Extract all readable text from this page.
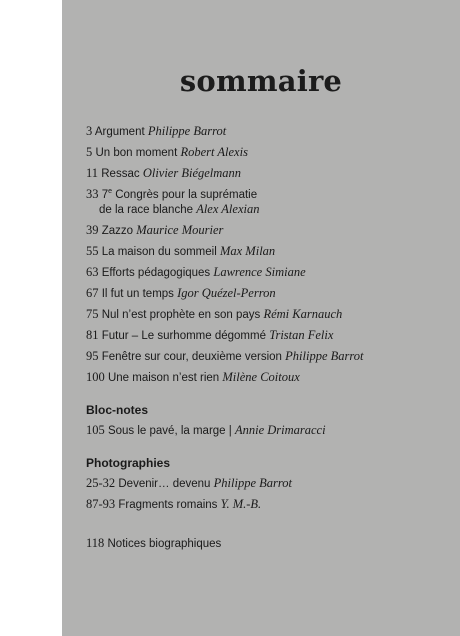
sommaire
3 Argument Philippe Barrot
5 Un bon moment Robert Alexis
11 Ressac Olivier Biégelmann
33 7e Congrès pour la suprématie
de la race blanche Alex Alexian
39 Zazzo Maurice Mourier
55 La maison du sommeil Max Milan
63 Efforts pédagogiques Lawrence Simiane
67 Il fut un temps Igor Quézel-Perron
75 Nul n’est prophète en son pays Rémi Karnauch
81 Futur – Le surhomme dégommé Tristan Felix
95 Fenêtre sur cour, deuxième version Philippe Barrot
100 Une maison n’est rien Milène Coitoux
Bloc-notes
105 Sous le pavé, la marge | Annie Drimaracci
Photographies
25-32 Devenir… devenu Philippe Barrot
87-93 Fragments romains Y. M.-B.
118 Notices biographiques
